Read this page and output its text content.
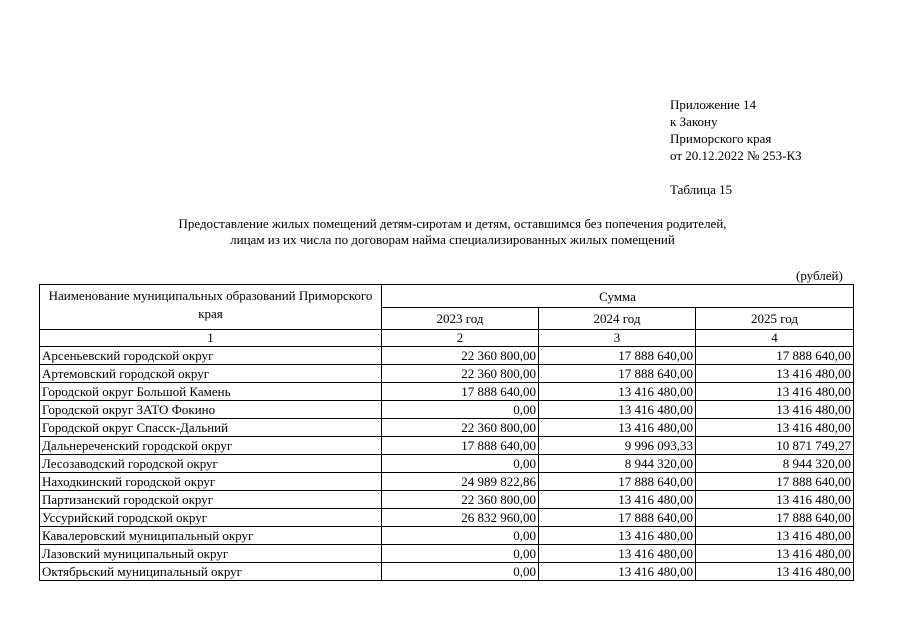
Приложение 14
к Закону
Приморского края
от 20.12.2022 № 253-КЗ
Таблица 15
Предоставление жилых помещений детям-сиротам и детям, оставшимся без попечения родителей,
лицам из их числа по договорам найма специализированных жилых помещений
(рублей)
Наименование муниципальных образований Приморского края	Сумма		
	2023 год	2024 год	2025 год
1	2	3	4
Арсеньевский городской округ	22 360 800,00	17 888 640,00	17 888 640,00
Артемовский городской округ	22 360 800,00	17 888 640,00	13 416 480,00
Городской округ Большой Камень	17 888 640,00	13 416 480,00	13 416 480,00
Городской округ ЗАТО Фокино	0,00	13 416 480,00	13 416 480,00
Городской округ Спасск-Дальний	22 360 800,00	13 416 480,00	13 416 480,00
Дальнереченский городской округ	17 888 640,00	9 996 093,33	10 871 749,27
Лесозаводский городской округ	0,00	8 944 320,00	8 944 320,00
Находкинский городской округ	24 989 822,86	17 888 640,00	17 888 640,00
Партизанский городской округ	22 360 800,00	13 416 480,00	13 416 480,00
Уссурийский городской округ	26 832 960,00	17 888 640,00	17 888 640,00
Кавалеровский муниципальный округ	0,00	13 416 480,00	13 416 480,00
Лазовский муниципальный округ	0,00	13 416 480,00	13 416 480,00
Октябрьский муниципальный округ	0,00	13 416 480,00	13 416 480,00
